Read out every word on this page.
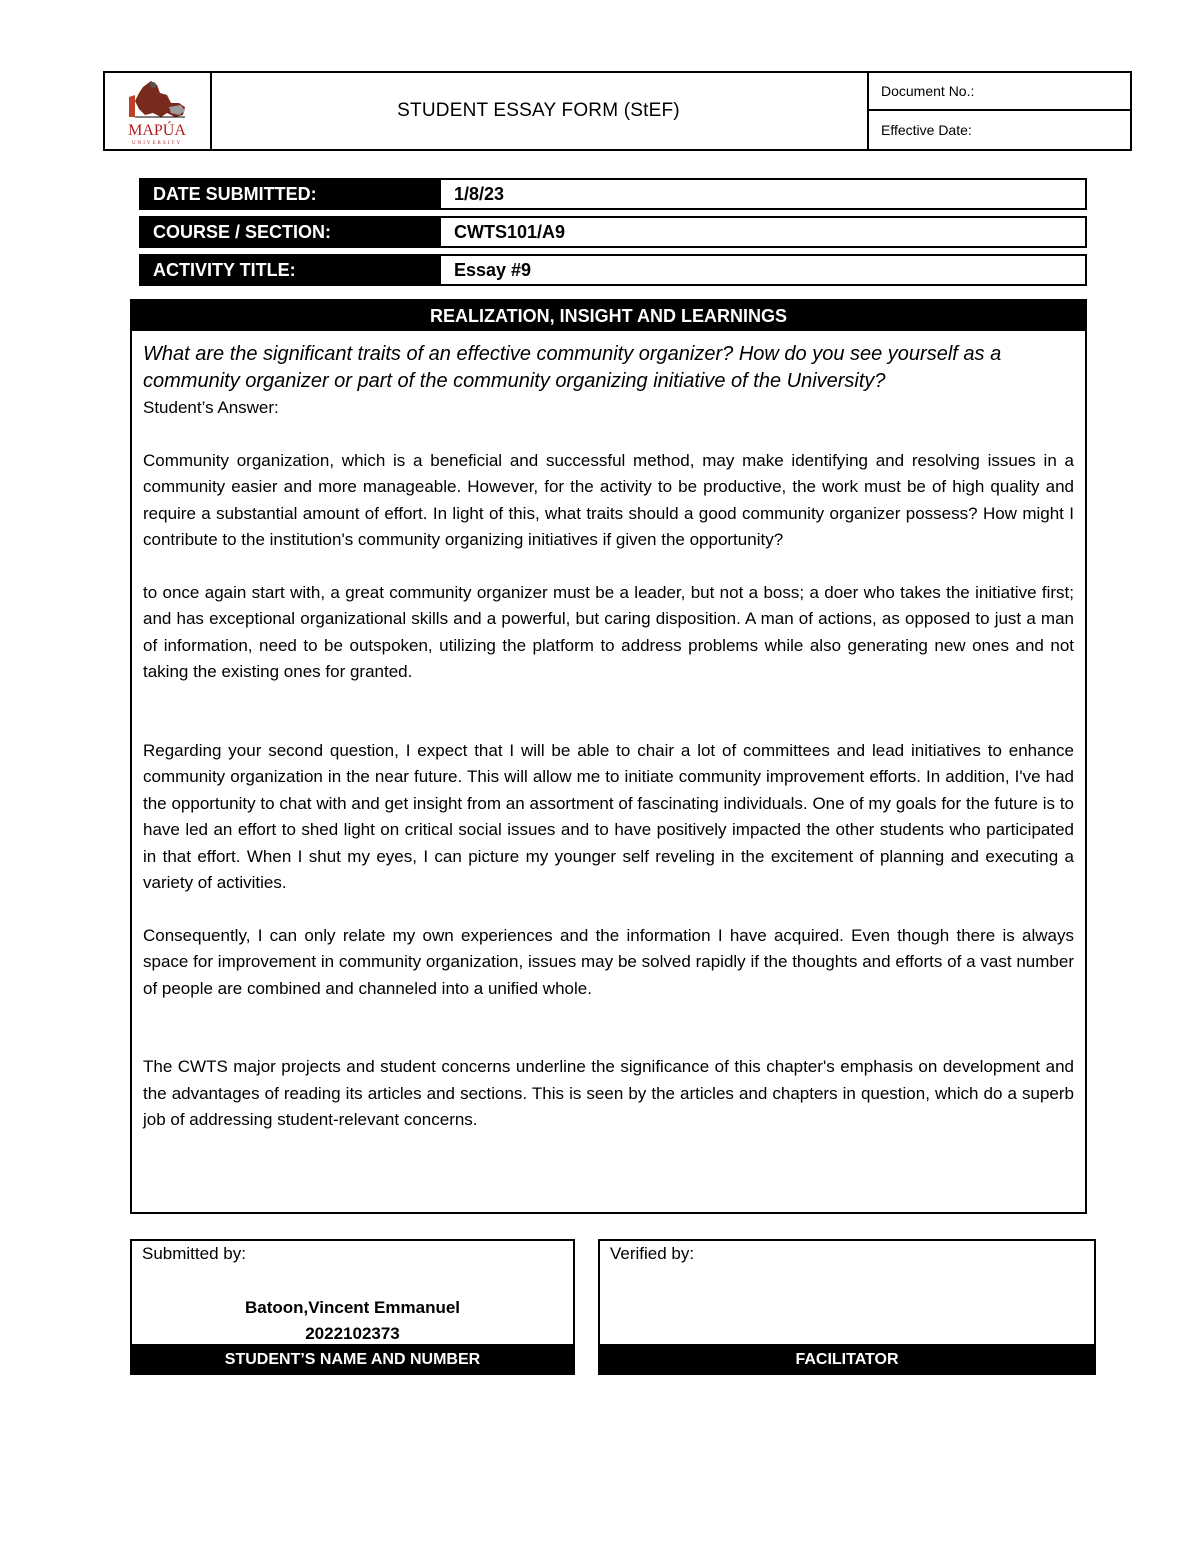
MAPÚA
UNIVERSITY
STUDENT ESSAY FORM (StEF)
Document No.:
Effective Date:
DATE SUBMITTED:	1/8/23
COURSE / SECTION:	CWTS101/A9
ACTIVITY TITLE:	Essay #9
REALIZATION, INSIGHT AND LEARNINGS
What are the significant traits of an effective community organizer? How do you see yourself as a community organizer or part of the community organizing initiative of the University?
Student’s Answer:
Community organization, which is a beneficial and successful method, may make identifying and resolving issues in a community easier and more manageable. However, for the activity to be productive, the work must be of high quality and require a substantial amount of effort. In light of this, what traits should a good community organizer possess? How might I contribute to the institution's community organizing initiatives if given the opportunity?
to once again start with, a great community organizer must be a leader, but not a boss; a doer who takes the initiative first; and has exceptional organizational skills and a powerful, but caring disposition. A man of actions, as opposed to just a man of information, need to be outspoken, utilizing the platform to address problems while also generating new ones and not taking the existing ones for granted.
Regarding your second question, I expect that I will be able to chair a lot of committees and lead initiatives to enhance community organization in the near future. This will allow me to initiate community improvement efforts. In addition, I've had the opportunity to chat with and get insight from an assortment of fascinating individuals. One of my goals for the future is to have led an effort to shed light on critical social issues and to have positively impacted the other students who participated in that effort. When I shut my eyes, I can picture my younger self reveling in the excitement of planning and executing a variety of activities.
Consequently, I can only relate my own experiences and the information I have acquired. Even though there is always space for improvement in community organization, issues may be solved rapidly if the thoughts and efforts of a vast number of people are combined and channeled into a unified whole.
The CWTS major projects and student concerns underline the significance of this chapter's emphasis on development and the advantages of reading its articles and sections. This is seen by the articles and chapters in question, which do a superb job of addressing student-relevant concerns.
Submitted by:
Batoon,Vincent Emmanuel
2022102373
STUDENT’S NAME AND NUMBER
Verified by:
FACILITATOR
